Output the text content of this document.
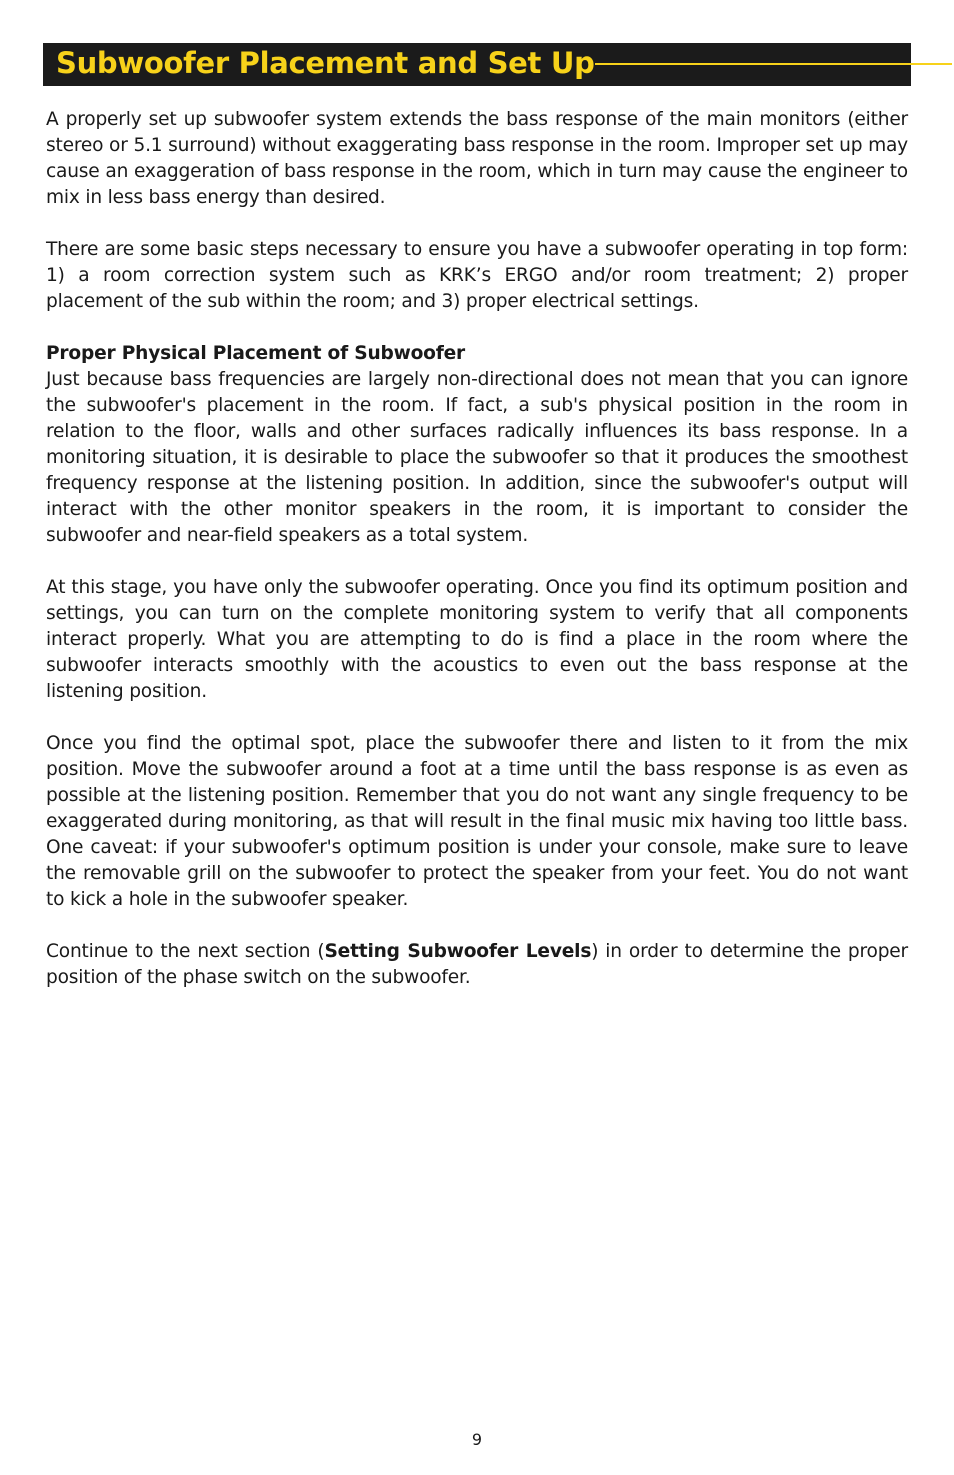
Subwoofer Placement and Set Up

A properly set up subwoofer system extends the bass response of the main monitors (either stereo or 5.1 surround) without exaggerating bass response in the room. Improper set up may cause an exaggeration of bass response in the room, which in turn may cause the engineer to mix in less bass energy than desired.

There are some basic steps necessary to ensure you have a subwoofer operating in top form: 1) a room correction system such as KRK’s ERGO and/or room treatment; 2) proper placement of the sub within the room; and 3) proper electrical settings.

Proper Physical Placement of Subwoofer

Just because bass frequencies are largely non-directional does not mean that you can ignore the subwoofer's placement in the room. If fact, a sub's physical position in the room in relation to the floor, walls and other surfaces radically influences its bass response. In a monitoring situation, it is desirable to place the subwoofer so that it produces the smoothest frequency response at the listening position. In addition, since the subwoofer's output will interact with the other monitor speakers in the room, it is important to consider the subwoofer and near-field speakers as a total system.

At this stage, you have only the subwoofer operating. Once you find its optimum position and settings, you can turn on the complete monitoring system to verify that all components interact properly. What you are attempting to do is find a place in the room where the subwoofer interacts smoothly with the acoustics to even out the bass response at the listening position.

Once you find the optimal spot, place the subwoofer there and listen to it from the mix position. Move the subwoofer around a foot at a time until the bass response is as even as possible at the listening position. Remember that you do not want any single frequency to be exaggerated during monitoring, as that will result in the final music mix having too little bass. One caveat: if your subwoofer's optimum position is under your console, make sure to leave the removable grill on the subwoofer to protect the speaker from your feet. You do not want to kick a hole in the subwoofer speaker.

Continue to the next section (Setting Subwoofer Levels) in order to determine the proper position of the phase switch on the subwoofer.

9
